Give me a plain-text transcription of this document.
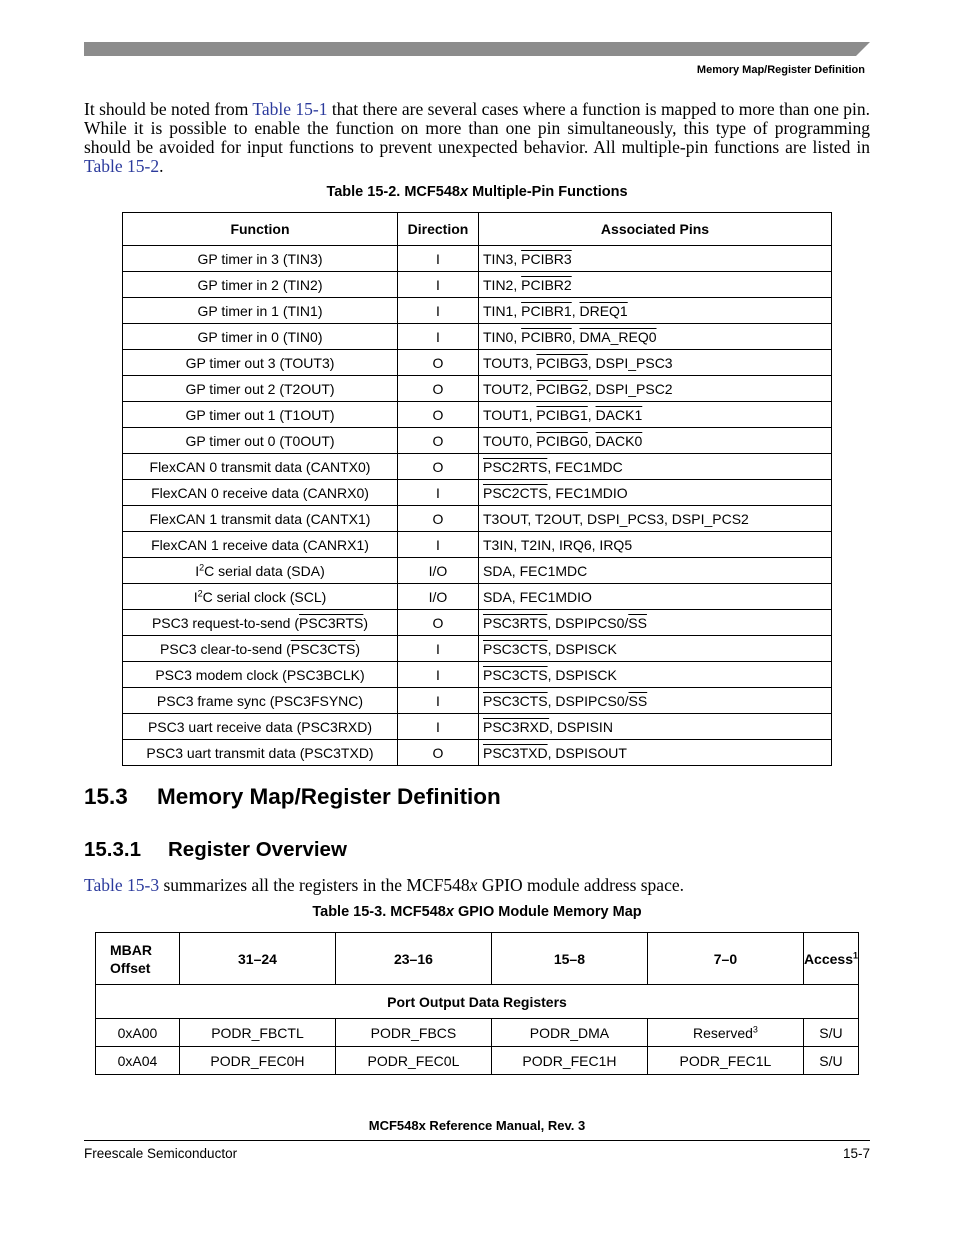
Memory Map/Register Definition

It should be noted from Table 15-1 that there are several cases where a function is mapped to more than one pin. While it is possible to enable the function on more than one pin simultaneously, this type of programming should be avoided for input functions to prevent unexpected behavior. All multiple-pin functions are listed in Table 15-2.

Table 15-2. MCF548x Multiple-Pin Functions
Function	Direction	Associated Pins
GP timer in 3 (TIN3)	I	TIN3, PCIBR3
GP timer in 2 (TIN2)	I	TIN2, PCIBR2
GP timer in 1 (TIN1)	I	TIN1, PCIBR1, DREQ1
GP timer in 0 (TIN0)	I	TIN0, PCIBR0, DMA_REQ0
GP timer out 3 (TOUT3)	O	TOUT3, PCIBG3, DSPI_PSC3
GP timer out 2 (T2OUT)	O	TOUT2, PCIBG2, DSPI_PSC2
GP timer out 1 (T1OUT)	O	TOUT1, PCIBG1, DACK1
GP timer out 0 (T0OUT)	O	TOUT0, PCIBG0, DACK0
FlexCAN 0 transmit data (CANTX0)	O	PSC2RTS, FEC1MDC
FlexCAN 0 receive data (CANRX0)	I	PSC2CTS, FEC1MDIO
FlexCAN 1 transmit data (CANTX1)	O	T3OUT, T2OUT, DSPI_PCS3, DSPI_PCS2
FlexCAN 1 receive data (CANRX1)	I	T3IN, T2IN, IRQ6, IRQ5
$I^2C$ serial data (SDA)	I/O	SDA, FEC1MDC
$I^2C$ serial clock (SCL)	I/O	SDA, FEC1MDIO
PSC3 request-to-send (PSC3RTS)	O	PSC3RTS, $DSPIPCS0/\overline{SS}$
PSC3 clear-to-send (PSC3CTS)	I	PSC3CTS, DSPISCK
PSC3 modem clock (PSC3BCLK)	I	PSC3CTS, DSPISCK
PSC3 frame sync (PSC3FSYNC)	I	PSC3CTS, $DSPIPCS0/\overline{SS}$
PSC3 uart receive data (PSC3RXD)	I	PSC3RXD, DSPISIN
PSC3 uart transmit data (PSC3TXD)	O	PSC3TXD, DSPISOUT
15.3 Memory Map/Register Definition
15.3.1 Register Overview
Table 15-3 summarizes all the registers in the MCF548x GPIO module address space.
Table 15-3. MCF548x GPIO Module Memory Map
MBAR
Offset	31–24	23–16	15–8	7–0	Access$^1$
Port Output Data Registers					
0xA00	PODR_FBCTL	PODR_FBCS	PODR_DMA	Reserved$^3$	S/U
0xA04	PODR_FEC0H	PODR_FEC0L	PODR_FEC1H	PODR_FEC1L	S/U
MCF548x Reference Manual, Rev. 3
Freescale Semiconductor	15-7
